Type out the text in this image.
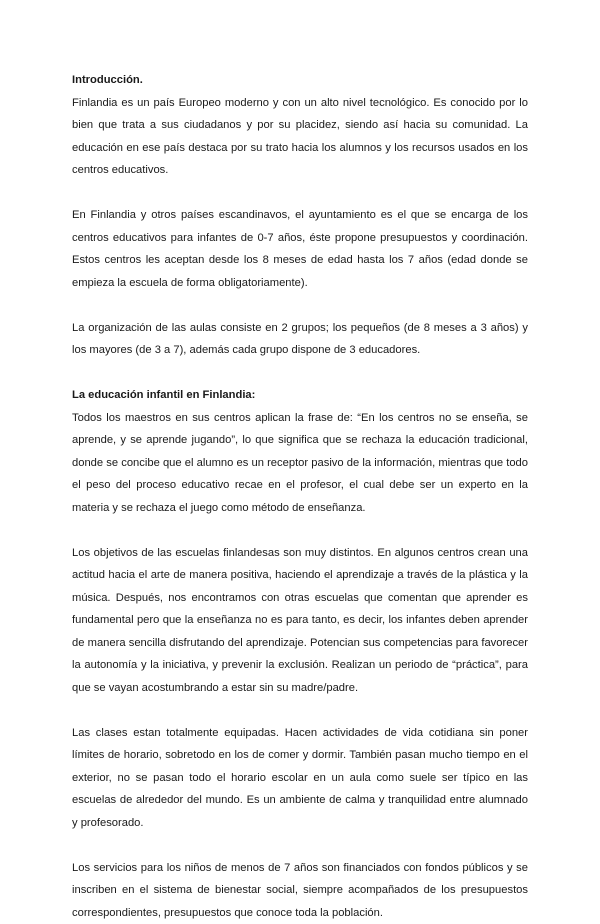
Introducción.

Finlandia es un país Europeo moderno y con un alto nivel tecnológico. Es conocido por lo bien que trata a sus ciudadanos y por su placidez, siendo así hacia su comunidad. La educación en ese país destaca por su trato hacia los alumnos y los recursos usados en los centros educativos.

En Finlandia y otros países escandinavos, el ayuntamiento es el que se encarga de los centros educativos para infantes de 0-7 años, éste propone presupuestos y coordinación. Estos centros les aceptan desde los 8 meses de edad hasta los 7 años (edad donde se empieza la escuela de forma obligatoriamente).

La organización de las aulas consiste en 2 grupos; los pequeños (de 8 meses a 3 años) y los mayores (de 3 a 7), además cada grupo dispone de 3 educadores.

La educación infantil en Finlandia:

Todos los maestros en sus centros aplican la frase de: “En los centros no se enseña, se aprende, y se aprende jugando”, lo que significa que se rechaza la educación tradicional, donde se concibe que el alumno es un receptor pasivo de la información, mientras que todo el peso del proceso educativo recae en el profesor, el cual debe ser un experto en la materia y se rechaza el juego como método de enseñanza.

Los objetivos de las escuelas finlandesas son muy distintos. En algunos centros crean una actitud hacia el arte de manera positiva, haciendo el aprendizaje a través de la plástica y la música. Después, nos encontramos con otras escuelas que comentan que aprender es fundamental pero que la enseñanza no es para tanto, es decir, los infantes deben aprender de manera sencilla disfrutando del aprendizaje. Potencian sus competencias para favorecer la autonomía y la iniciativa, y prevenir la exclusión. Realizan un periodo de “práctica”, para que se vayan acostumbrando a estar sin su madre/padre.

Las clases estan totalmente equipadas. Hacen actividades de vida cotidiana sin poner límites de horario, sobretodo en los de comer y dormir. También pasan mucho tiempo en el exterior, no se pasan todo el horario escolar en un aula como suele ser típico en las escuelas de alrededor del mundo. Es un ambiente de calma y tranquilidad entre alumnado y profesorado.

Los servicios para los niños de menos de 7 años son financiados con fondos públicos y se inscriben en el sistema de bienestar social, siempre acompañados de los presupuestos correspondientes, presupuestos que conoce toda la población.
